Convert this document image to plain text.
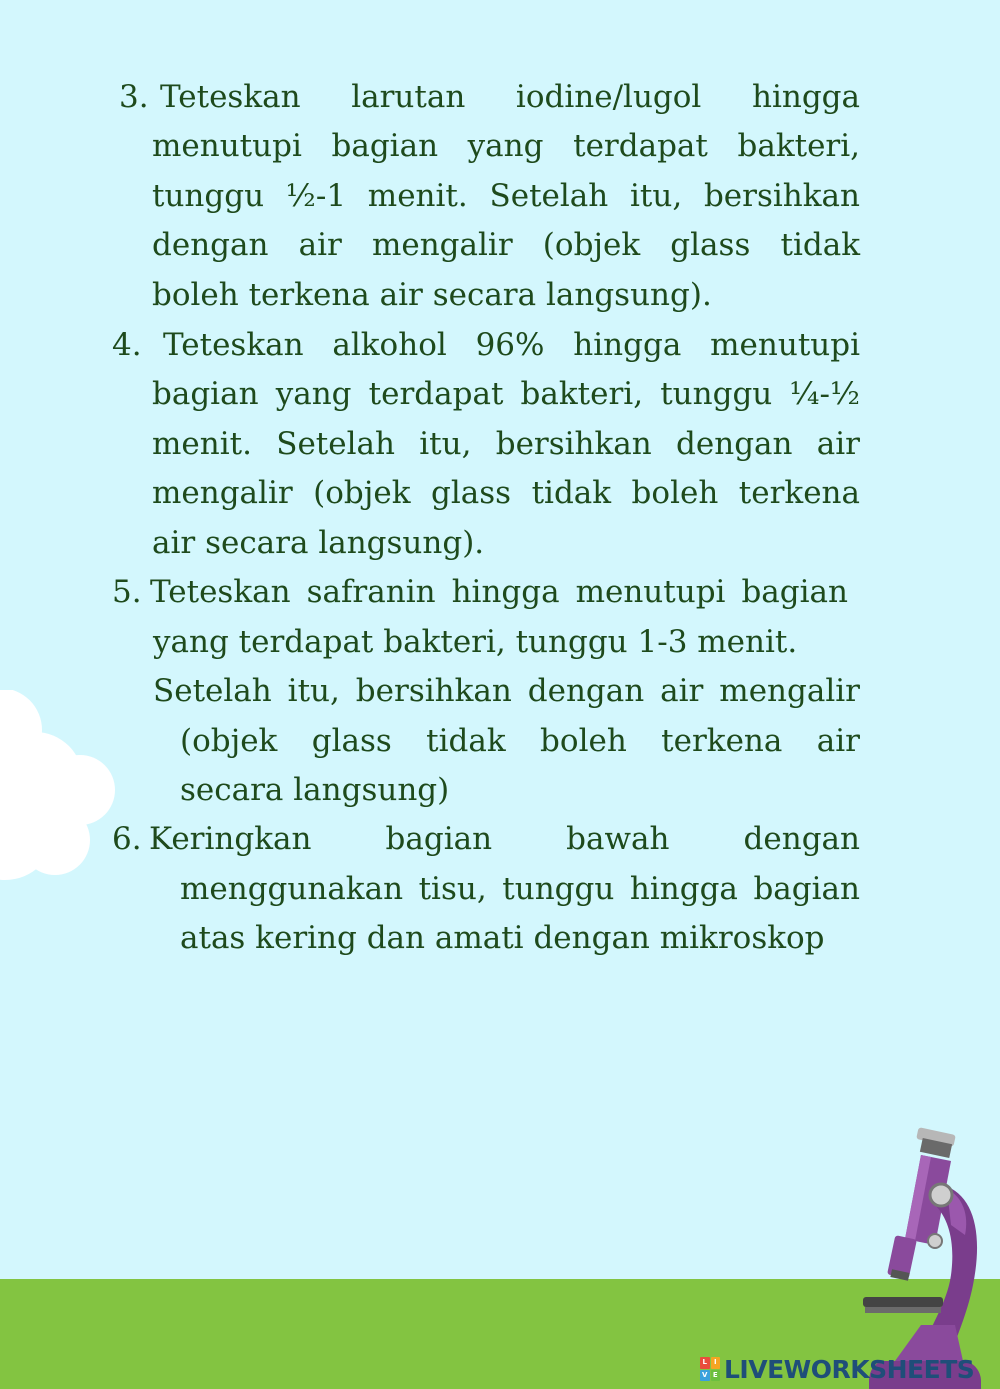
3. Teteskan larutan iodine/lugol hingga
menutupi bagian yang terdapat bakteri,
tunggu ½-1 menit. Setelah itu, bersihkan
dengan air mengalir (objek glass tidak
boleh terkena air secara langsung).
4. Teteskan alkohol 96% hingga menutupi
bagian yang terdapat bakteri, tunggu ¼-½
menit. Setelah itu, bersihkan dengan air
mengalir (objek glass tidak boleh terkena
air secara langsung).
5. Teteskan safranin hingga menutupi bagian
yang terdapat bakteri, tunggu 1-3 menit.
Setelah itu, bersihkan dengan air mengalir
(objek glass tidak boleh terkena air
secara langsung)
6. Keringkan bagian bawah dengan
menggunakan tisu, tunggu hingga bagian
atas kering dan amati dengan mikroskop
L I
V E LIVEWORKSHEETS
